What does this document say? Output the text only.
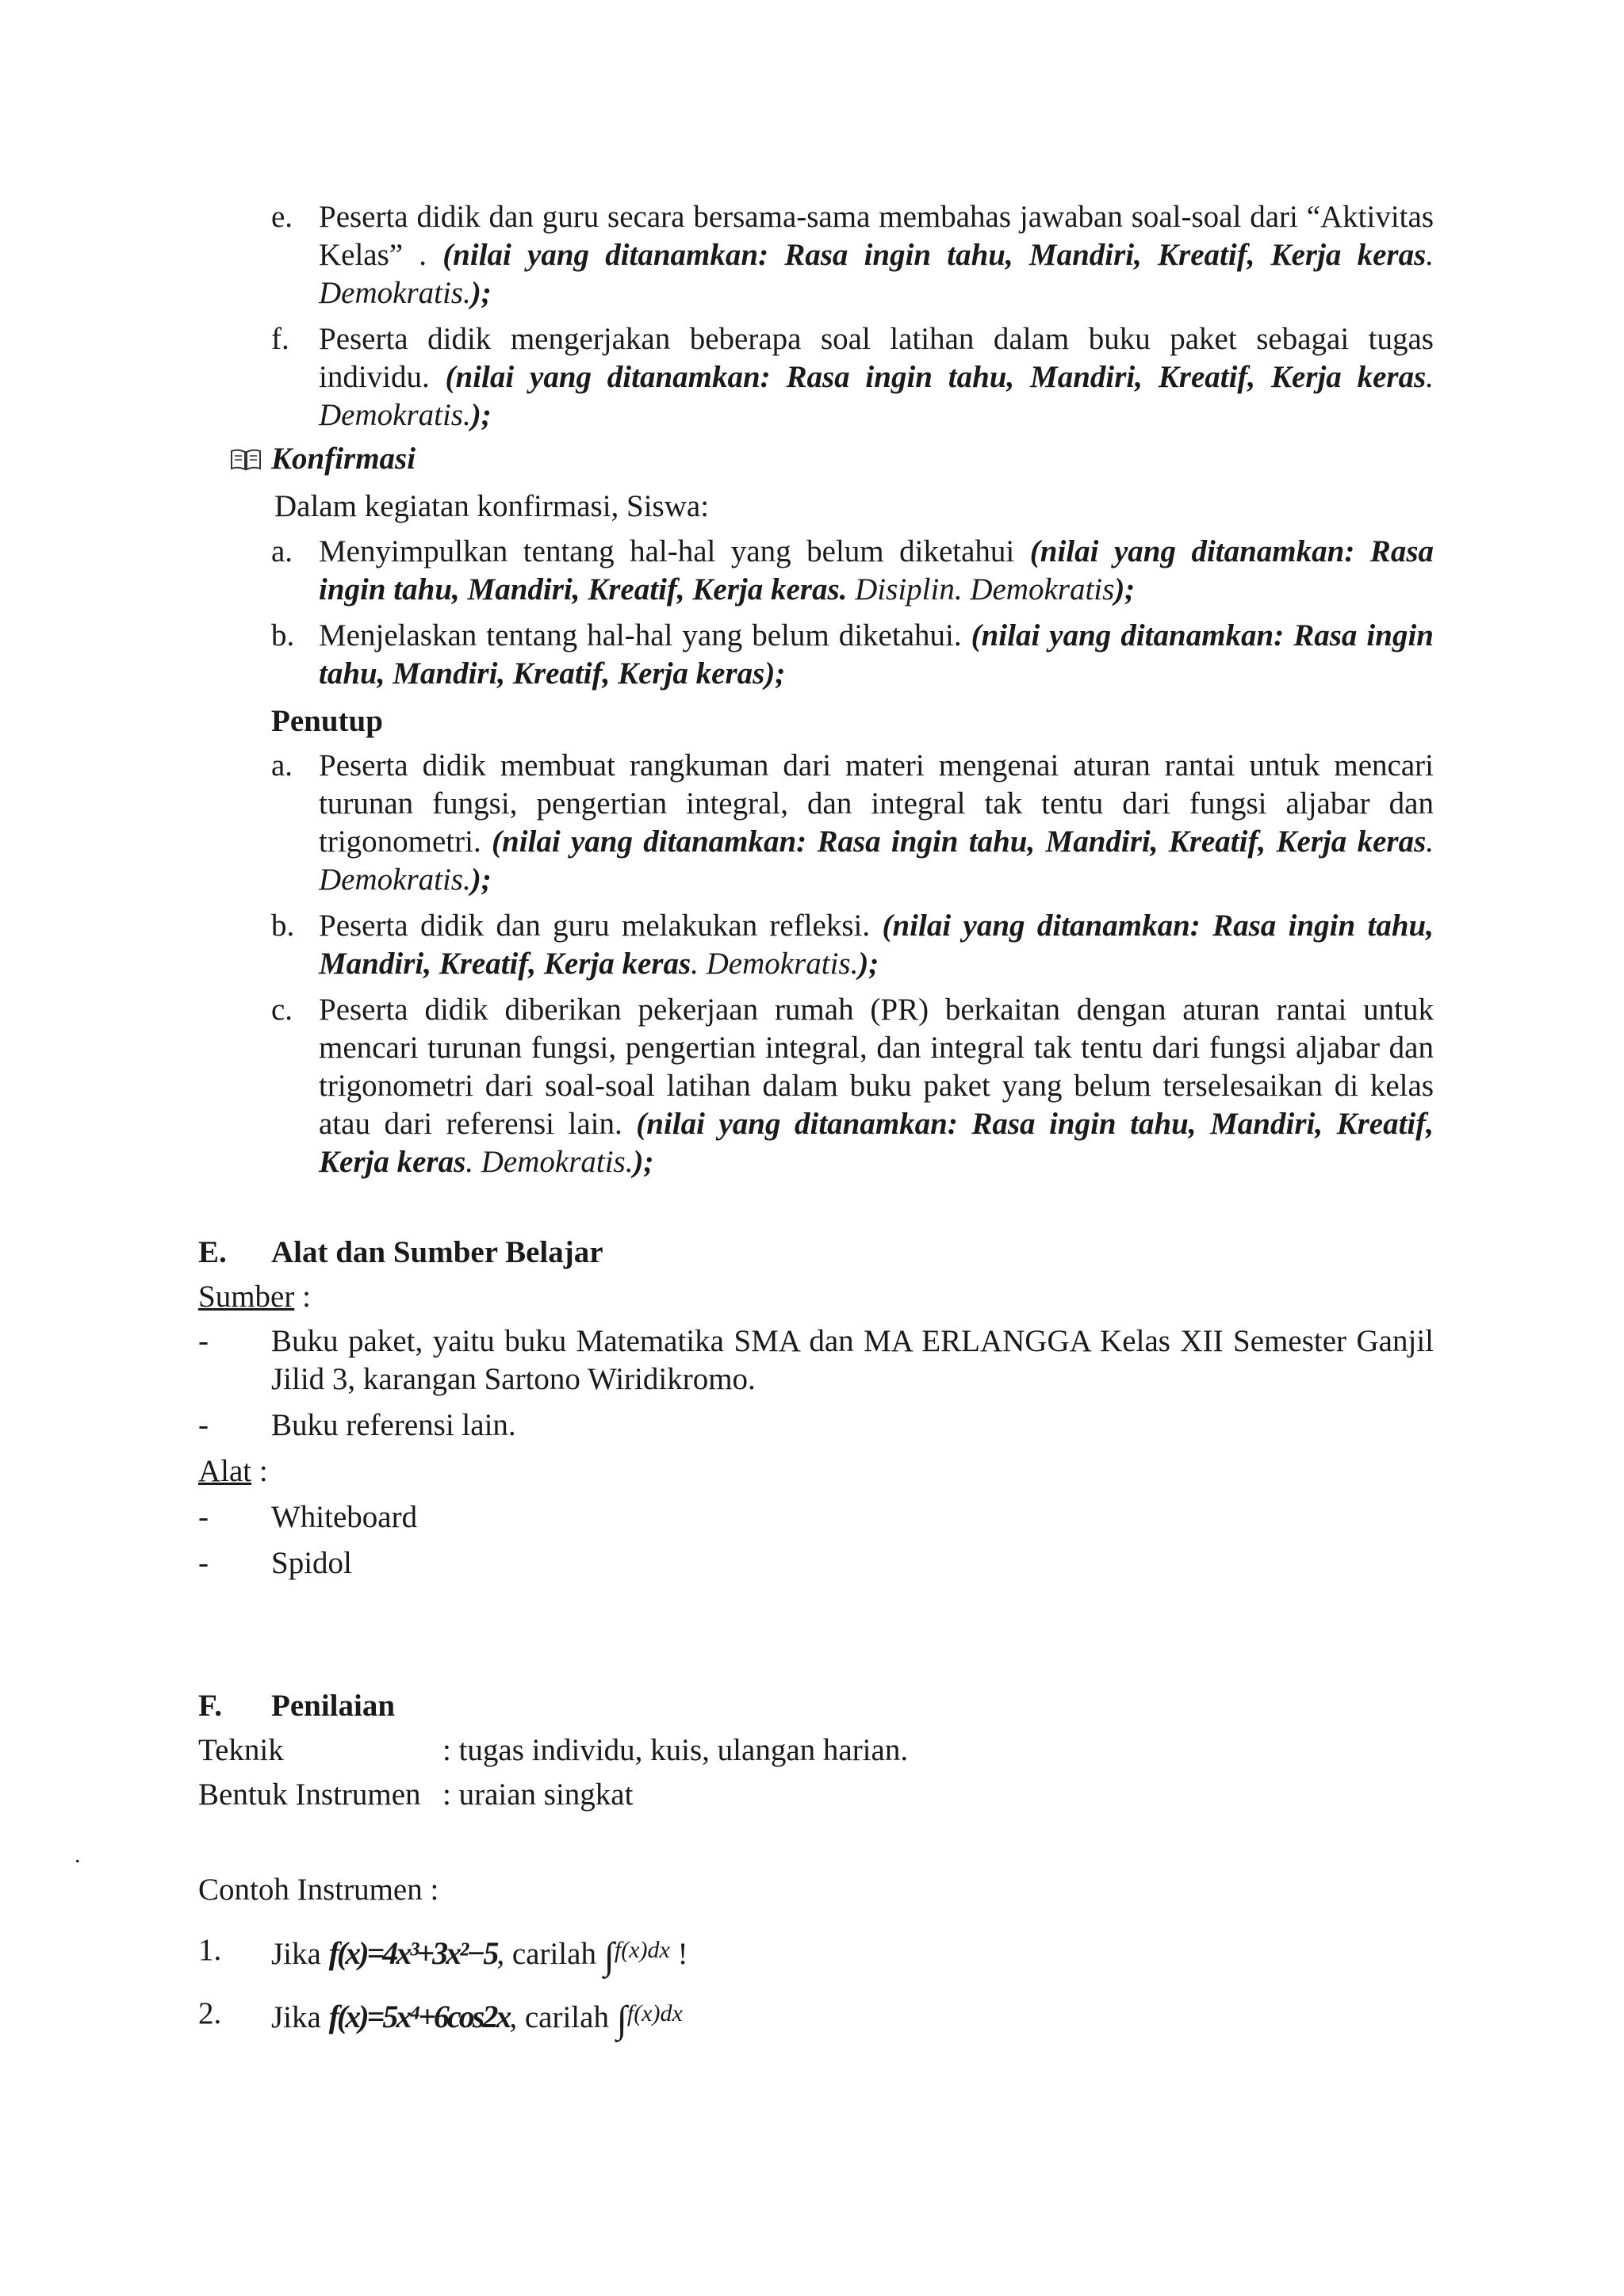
e. Peserta didik dan guru secara bersama-sama membahas jawaban soal-soal dari “Aktivitas Kelas” . (nilai yang ditanamkan: Rasa ingin tahu, Mandiri, Kreatif, Kerja keras. Demokratis.);
f. Peserta didik mengerjakan beberapa soal latihan dalam buku paket sebagai tugas individu. (nilai yang ditanamkan: Rasa ingin tahu, Mandiri, Kreatif, Kerja keras. Demokratis.);
Konfirmasi
Dalam kegiatan konfirmasi, Siswa:
a. Menyimpulkan tentang hal-hal yang belum diketahui (nilai yang ditanamkan: Rasa ingin tahu, Mandiri, Kreatif, Kerja keras. Disiplin. Demokratis);
b. Menjelaskan tentang hal-hal yang belum diketahui. (nilai yang ditanamkan: Rasa ingin tahu, Mandiri, Kreatif, Kerja keras);
Penutup
a. Peserta didik membuat rangkuman dari materi mengenai aturan rantai untuk mencari turunan fungsi, pengertian integral, dan integral tak tentu dari fungsi aljabar dan trigonometri. (nilai yang ditanamkan: Rasa ingin tahu, Mandiri, Kreatif, Kerja keras. Demokratis.);
b. Peserta didik dan guru melakukan refleksi. (nilai yang ditanamkan: Rasa ingin tahu, Mandiri, Kreatif, Kerja keras. Demokratis.);
c. Peserta didik diberikan pekerjaan rumah (PR) berkaitan dengan aturan rantai untuk mencari turunan fungsi, pengertian integral, dan integral tak tentu dari fungsi aljabar dan trigonometri dari soal-soal latihan dalam buku paket yang belum terselesaikan di kelas atau dari referensi lain. (nilai yang ditanamkan: Rasa ingin tahu, Mandiri, Kreatif, Kerja keras. Demokratis.);
E.	Alat dan Sumber Belajar
Sumber :
-	Buku paket, yaitu buku Matematika SMA dan MA ERLANGGA Kelas XII Semester Ganjil Jilid 3, karangan Sartono Wiridikromo.
-	Buku referensi lain.
Alat :
-	Whiteboard
-	Spidol
F.	Penilaian
Teknik	: tugas individu, kuis, ulangan harian.
Bentuk Instrumen : uraian singkat
.
Contoh Instrumen :
1.	Jika f(x)=4x³+3x²−5, carilah ∫$^{f(x)dx}$ !
2.	Jika f(x)=5x⁴+6cos2x, carilah ∫$^{f(x)dx}$
